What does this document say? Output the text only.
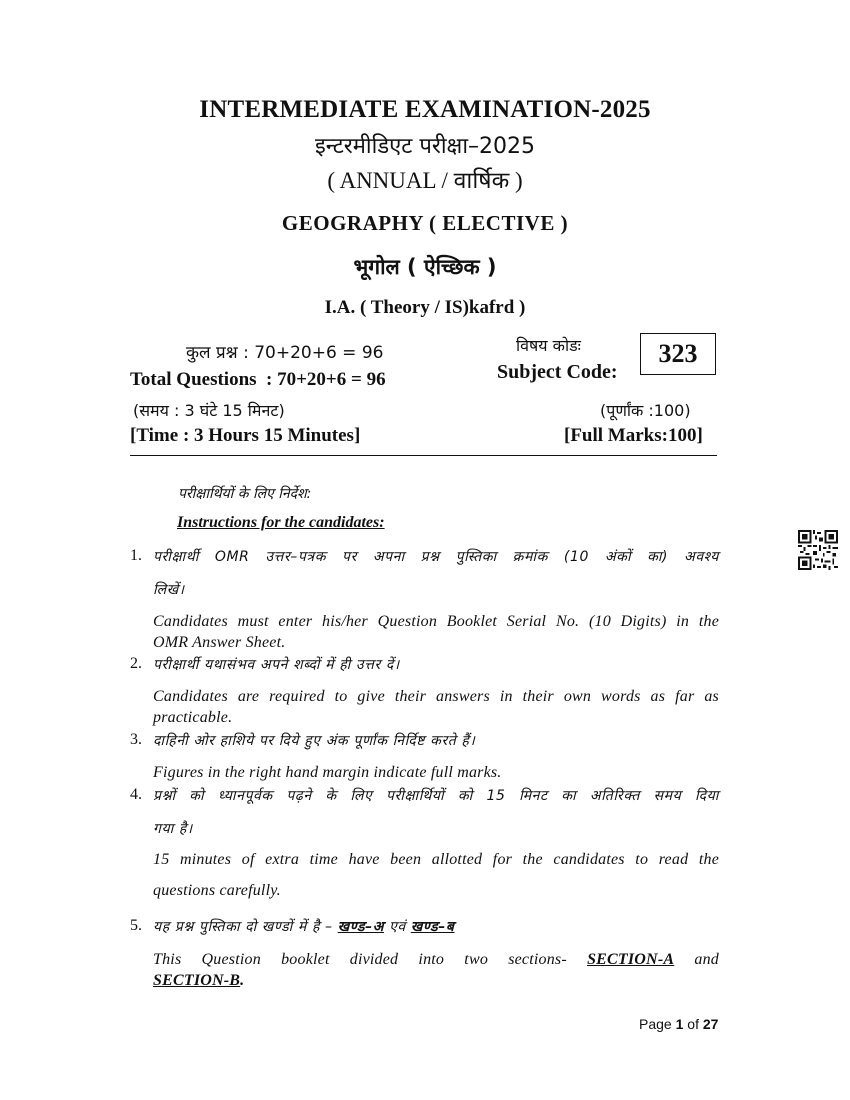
INTERMEDIATE EXAMINATION-2025
इन्टरमीडिएट परीक्षा–2025
( ANNUAL / वार्षिक )
GEOGRAPHY ( ELECTIVE )
भूगोल ( ऐच्छिक )
I.A. ( Theory / IS)kafrd )
कुल प्रश्न : 70+20+6 = 96
Total Questions  : 70+20+6 = 96
(समय : 3 घंटे 15 मिनट)
[Time : 3 Hours 15 Minutes]
विषय कोडः
Subject Code:
323
(पूर्णांक :100)
[Full Marks:100]
परीक्षार्थियों के लिए निर्देश:
Instructions for the candidates:
1. परीक्षार्थी OMR उत्तर–पत्रक पर अपना प्रश्न पुस्तिका क्रमांक (10 अंकों का) अवश्य
लिखें।
Candidates must enter his/her Question Booklet Serial No. (10 Digits) in the
OMR Answer Sheet.
2. परीक्षार्थी यथासंभव अपने शब्दों में ही उत्तर दें।
Candidates are required to give their answers in their own words as far as
practicable.
3. दाहिनी ओर हाशिये पर दिये हुए अंक पूर्णांक निर्दिष्ट करते हैं।
Figures in the right hand margin indicate full marks.
4. प्रश्नों को ध्यानपूर्वक पढ़ने के लिए परीक्षार्थियों को 15 मिनट का अतिरिक्त समय दिया
गया है।
15 minutes of extra time have been allotted for the candidates to read the
questions carefully.
5. यह प्रश्न पुस्तिका दो खण्डों में है – खण्ड–अ एवं खण्ड–ब
This Question booklet divided into two sections- SECTION-A and
SECTION-B.
Page 1 of 27
